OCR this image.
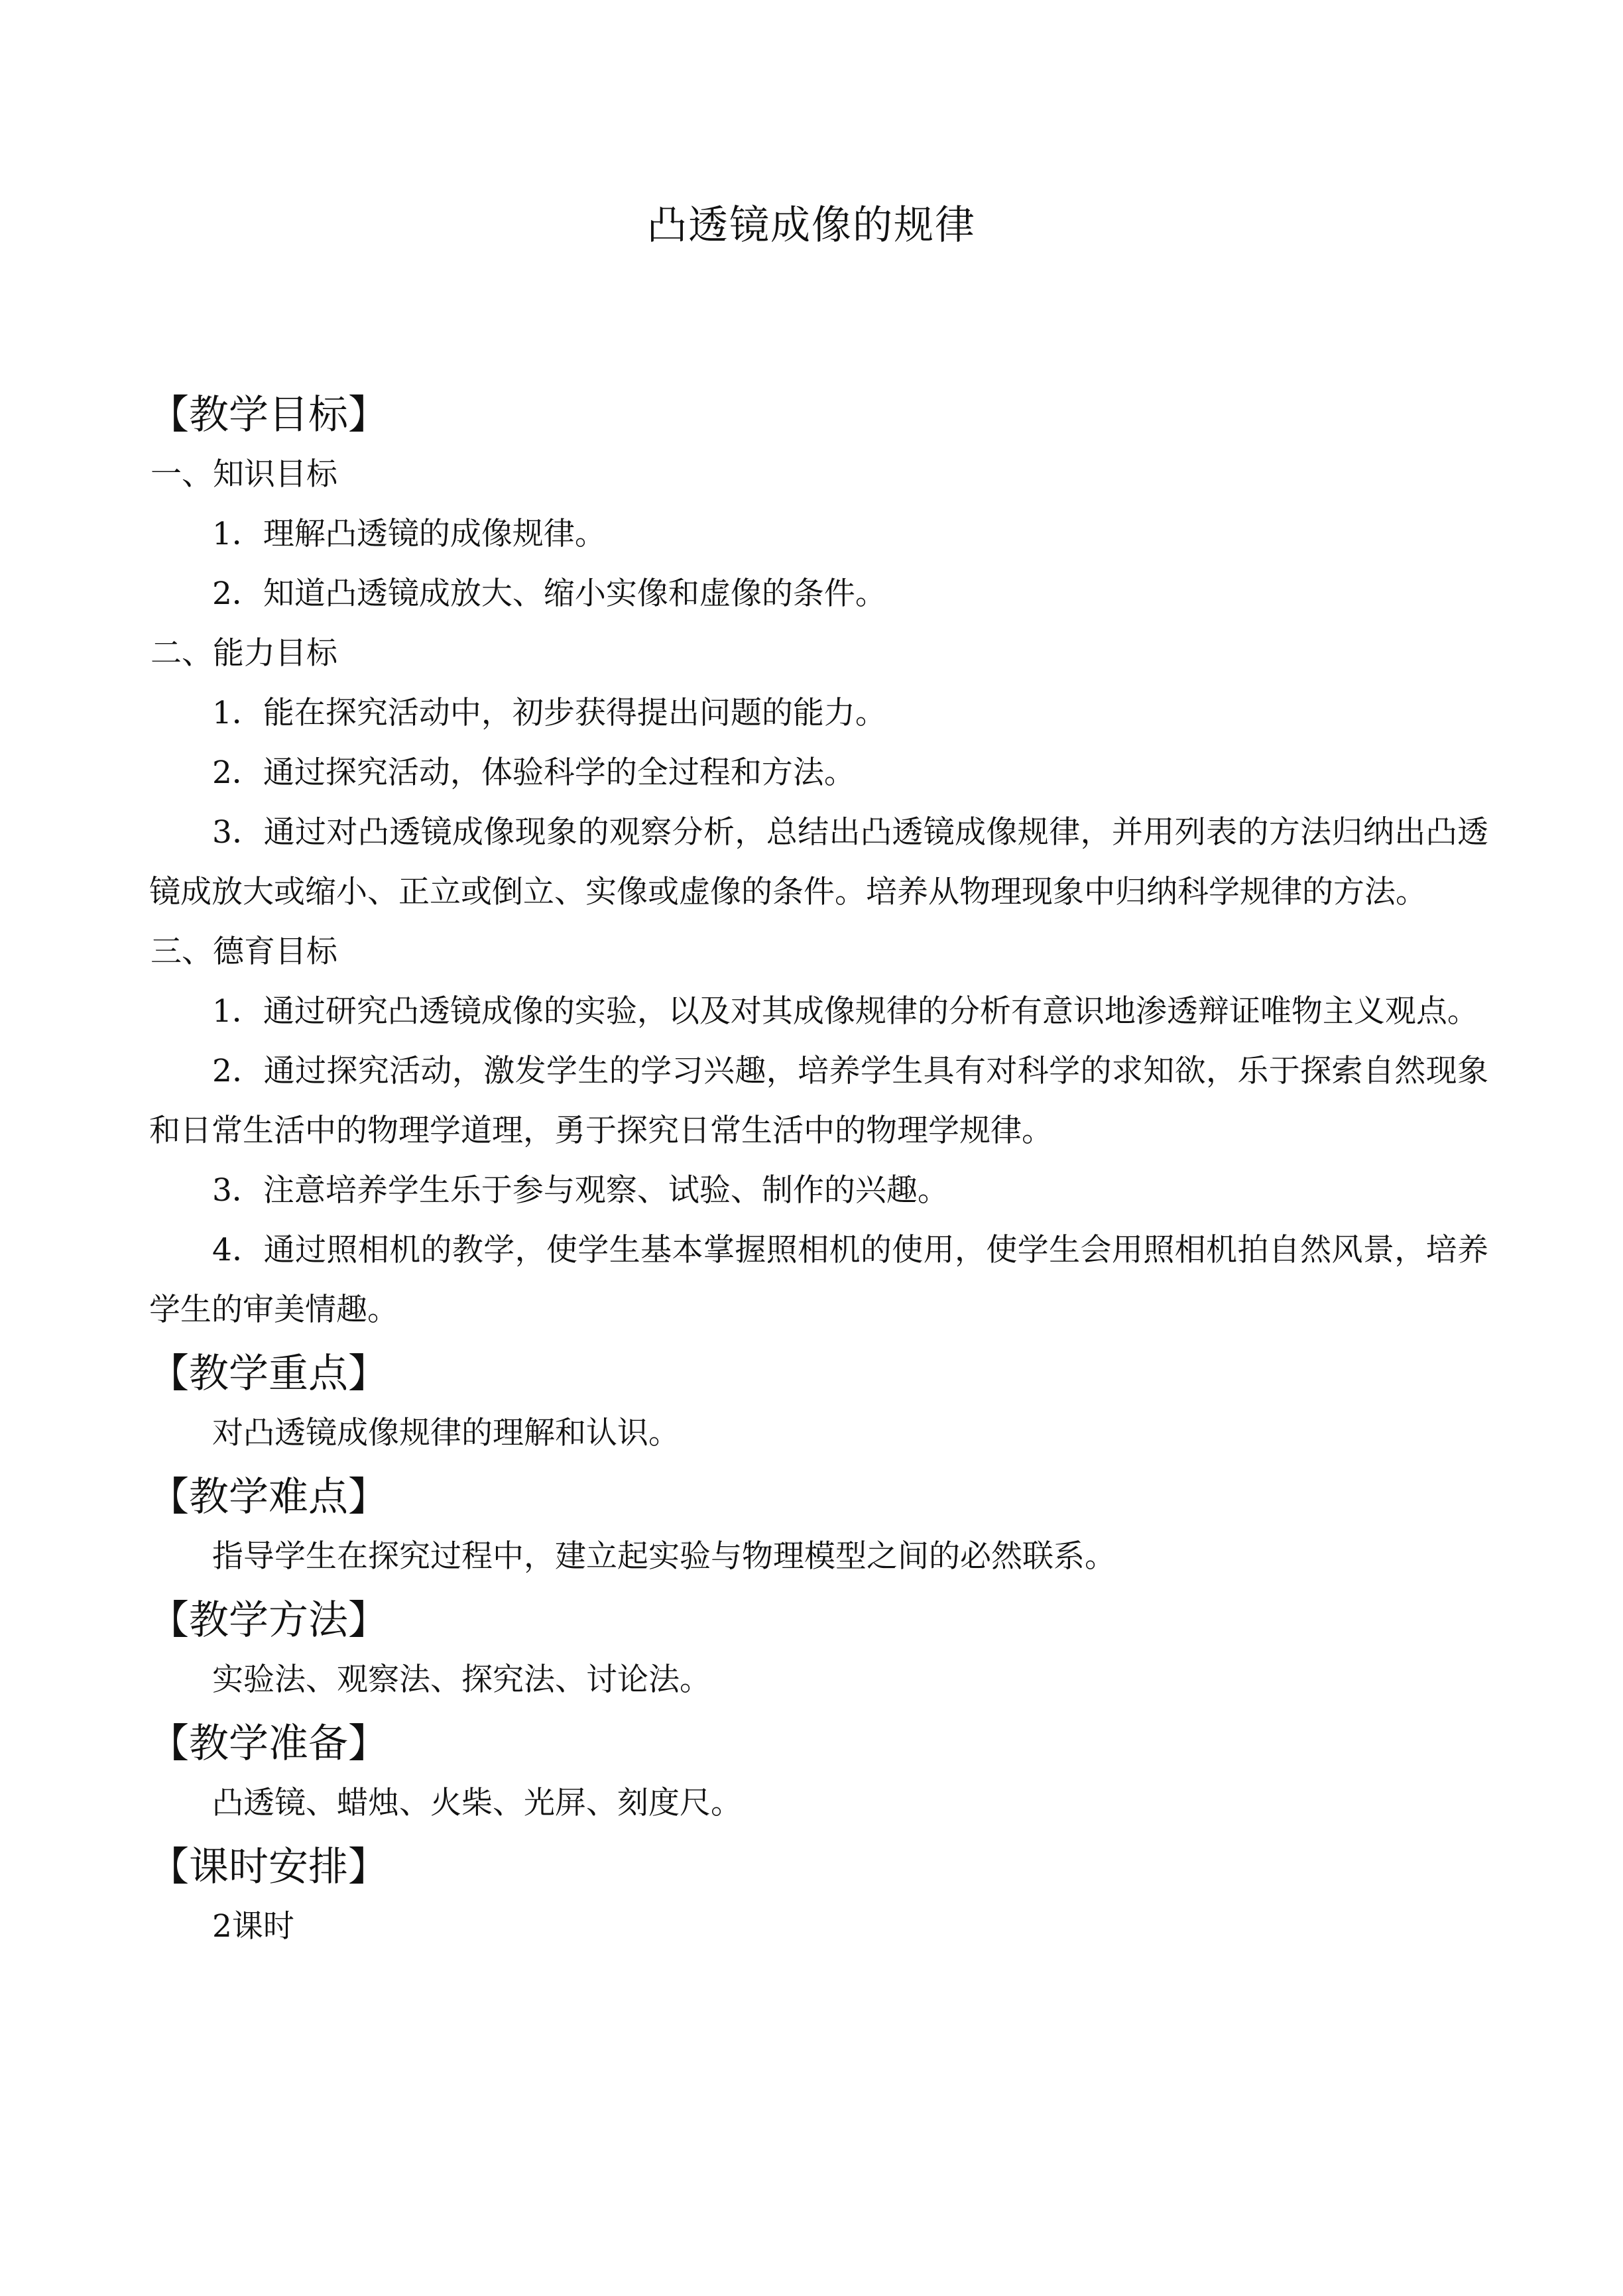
凸透镜成像的规律
【教学目标】
一、知识目标
1．理解凸透镜的成像规律。
2．知道凸透镜成放大、缩小实像和虚像的条件。
二、能力目标
1．能在探究活动中，初步获得提出问题的能力。
2．通过探究活动，体验科学的全过程和方法。
3．通过对凸透镜成像现象的观察分析，总结出凸透镜成像规律，并用列表的方法归纳出凸透镜成放大或缩小、正立或倒立、实像或虚像的条件。培养从物理现象中归纳科学规律的方法。
三、德育目标
1．通过研究凸透镜成像的实验，以及对其成像规律的分析有意识地渗透辩证唯物主义观点。
2．通过探究活动，激发学生的学习兴趣，培养学生具有对科学的求知欲，乐于探索自然现象和日常生活中的物理学道理，勇于探究日常生活中的物理学规律。
3．注意培养学生乐于参与观察、试验、制作的兴趣。
4．通过照相机的教学，使学生基本掌握照相机的使用，使学生会用照相机拍自然风景，培养学生的审美情趣。
【教学重点】
对凸透镜成像规律的理解和认识。
【教学难点】
指导学生在探究过程中，建立起实验与物理模型之间的必然联系。
【教学方法】
实验法、观察法、探究法、讨论法。
【教学准备】
凸透镜、蜡烛、火柴、光屏、刻度尺。
【课时安排】
2课时
